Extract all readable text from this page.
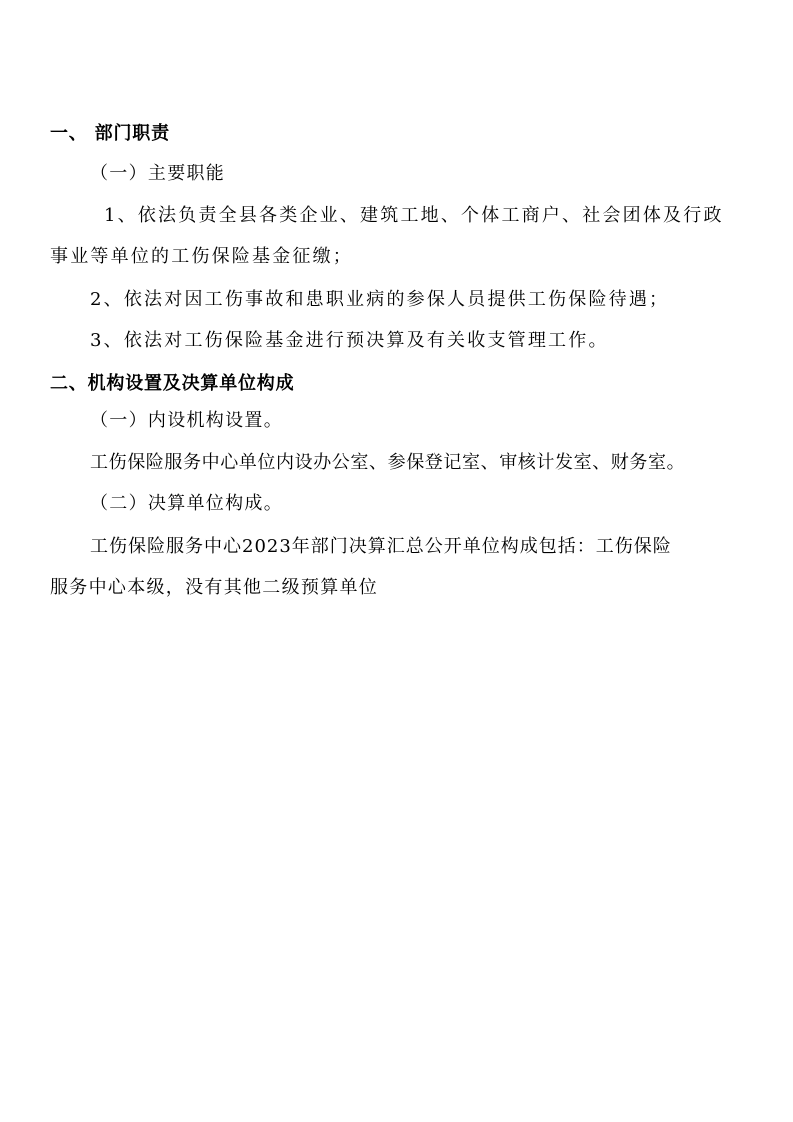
一、 部门职责
（一）主要职能
1、依法负责全县各类企业、建筑工地、个体工商户、社会团体及行政
事业等单位的工伤保险基金征缴；
2、依法对因工伤事故和患职业病的参保人员提供工伤保险待遇；
3、依法对工伤保险基金进行预决算及有关收支管理工作。
二、机构设置及决算单位构成
（一）内设机构设置。
工伤保险服务中心单位内设办公室、参保登记室、审核计发室、财务室。
（二）决算单位构成。
工伤保险服务中心2023年部门决算汇总公开单位构成包括：工伤保险
服务中心本级，没有其他二级预算单位
